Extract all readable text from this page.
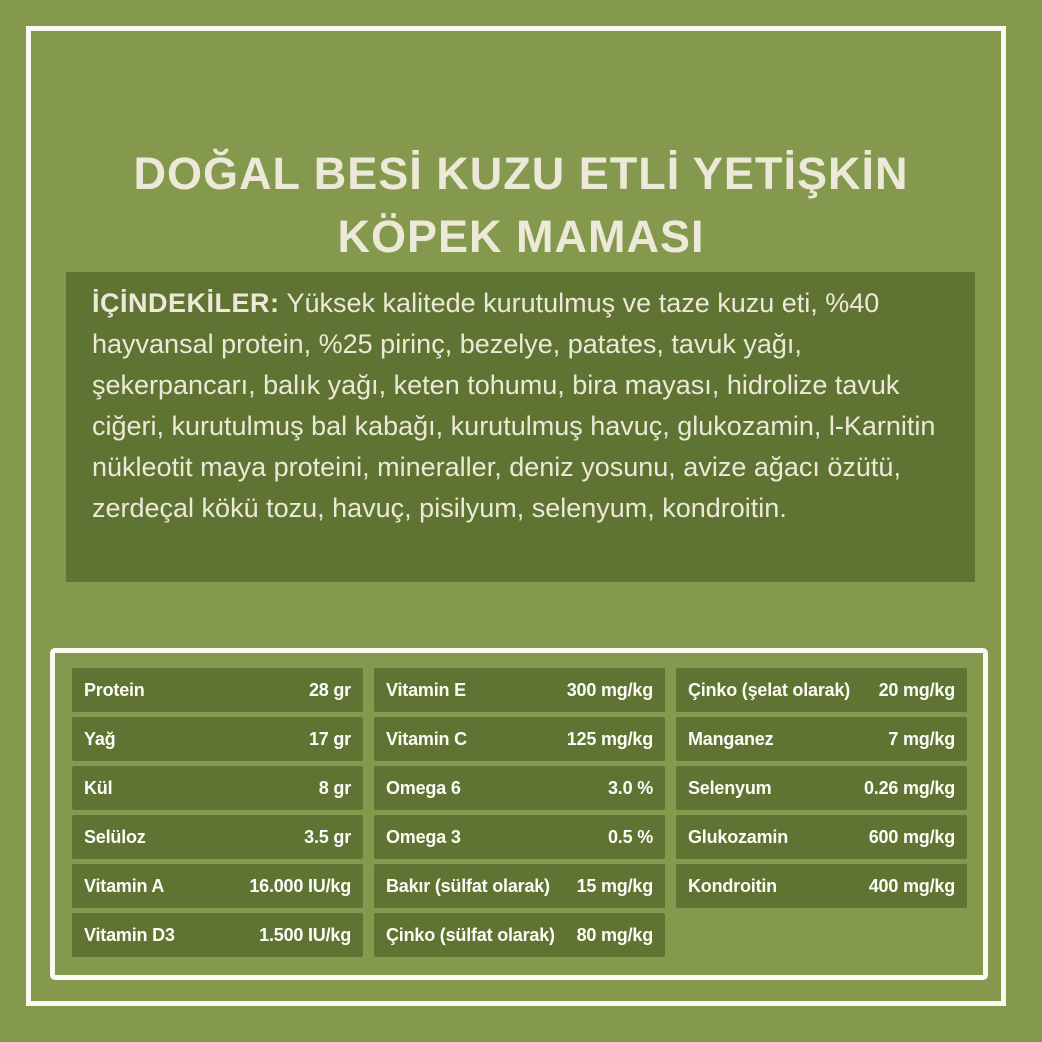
DOĞAL BESİ KUZU ETLİ YETİŞKİN
KÖPEK MAMASI
İÇİNDEKİLER: Yüksek kalitede kurutulmuş ve taze kuzu eti, %40 hayvansal protein, %25 pirinç, bezelye, patates, tavuk yağı, şekerpancarı, balık yağı, keten tohumu, bira mayası, hidrolize tavuk ciğeri, kurutulmuş bal kabağı, kurutulmuş havuç, glukozamin, l-Karnitin nükleotit maya proteini, mineraller, deniz yosunu, avize ağacı özütü, zerdeçal kökü tozu, havuç, pisilyum, selenyum, kondroitin.
Protein	28 gr
Yağ	17 gr
Kül	8 gr
Selüloz	3.5 gr
Vitamin A	16.000 IU/kg
Vitamin D3	1.500 IU/kg
Vitamin E	300 mg/kg
Vitamin C	125 mg/kg
Omega 6	3.0 %
Omega 3	0.5 %
Bakır (sülfat olarak) 15 mg/kg
Çinko (sülfat olarak) 80 mg/kg
Çinko (şelat olarak) 20 mg/kg
Manganez	7 mg/kg
Selenyum	0.26 mg/kg
Glukozamin	600 mg/kg
Kondroitin	400 mg/kg
